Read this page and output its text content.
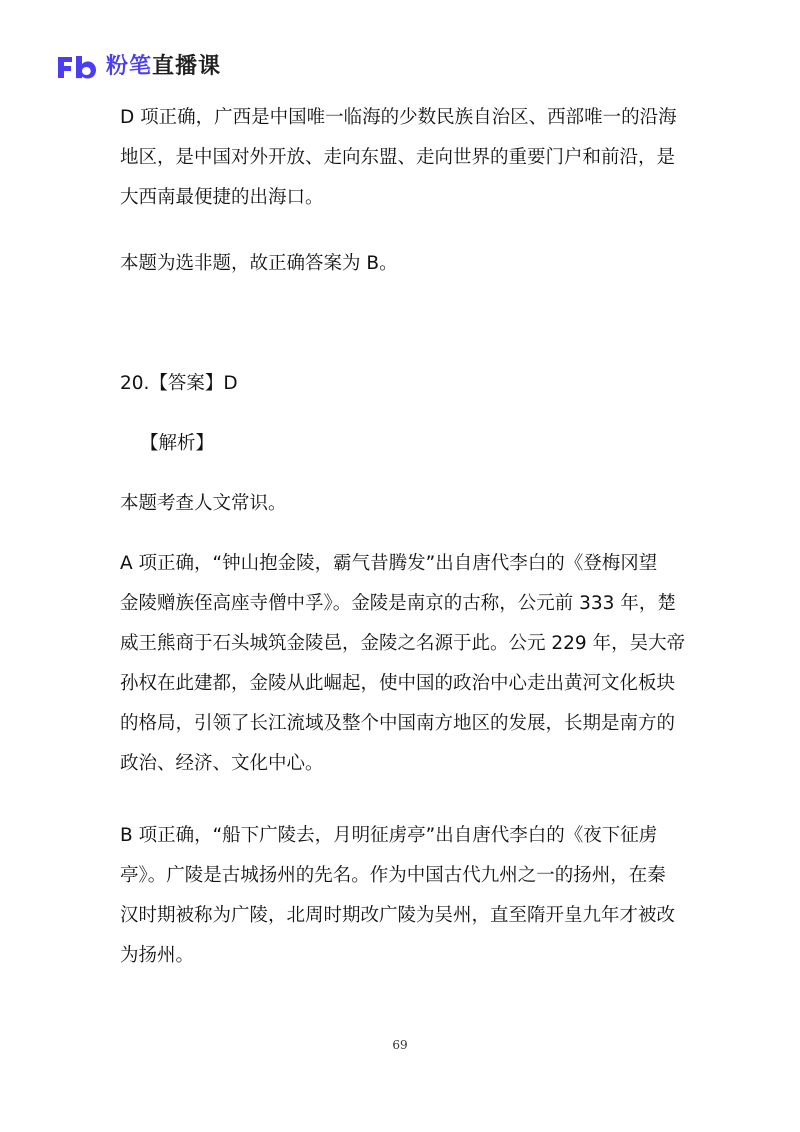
粉笔直播课

D 项正确，广西是中国唯一临海的少数民族自治区、西部唯一的沿海
地区，是中国对外开放、走向东盟、走向世界的重要门户和前沿，是
大西南最便捷的出海口。

本题为选非题，故正确答案为 B。

20.【答案】D

【解析】

本题考查人文常识。

A 项正确，“钟山抱金陵，霸气昔腾发”出自唐代李白的《登梅冈望
金陵赠族侄高座寺僧中孚》。金陵是南京的古称，公元前 333 年，楚
威王熊商于石头城筑金陵邑，金陵之名源于此。公元 229 年，吴大帝
孙权在此建都，金陵从此崛起，使中国的政治中心走出黄河文化板块
的格局，引领了长江流域及整个中国南方地区的发展，长期是南方的
政治、经济、文化中心。

B 项正确，“船下广陵去，月明征虏亭”出自唐代李白的《夜下征虏
亭》。广陵是古城扬州的先名。作为中国古代九州之一的扬州，在秦
汉时期被称为广陵，北周时期改广陵为吴州，直至隋开皇九年才被改
为扬州。

69
